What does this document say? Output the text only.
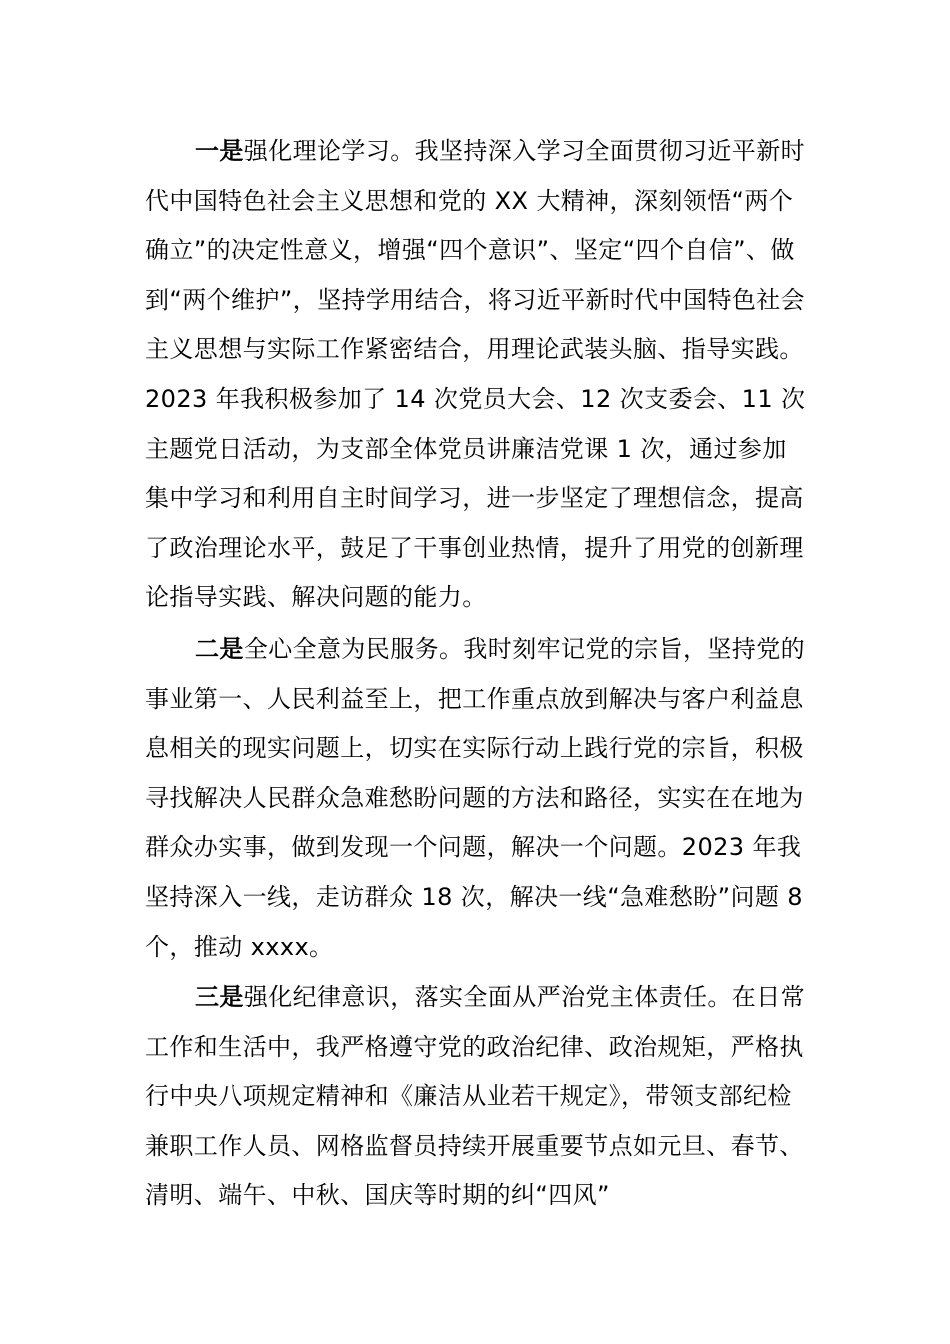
一是强化理论学习。我坚持深入学习全面贯彻习近平新时代中国特色社会主义思想和党的 XX 大精神，深刻领悟“两个确立”的决定性意义，增强“四个意识”、坚定“四个自信”、做到“两个维护”，坚持学用结合，将习近平新时代中国特色社会主义思想与实际工作紧密结合，用理论武装头脑、指导实践。2023 年我积极参加了 14 次党员大会、12 次支委会、11 次主题党日活动，为支部全体党员讲廉洁党课 1 次，通过参加集中学习和利用自主时间学习，进一步坚定了理想信念，提高了政治理论水平，鼓足了干事创业热情，提升了用党的创新理论指导实践、解决问题的能力。

二是全心全意为民服务。我时刻牢记党的宗旨，坚持党的事业第一、人民利益至上，把工作重点放到解决与客户利益息息相关的现实问题上，切实在实际行动上践行党的宗旨，积极寻找解决人民群众急难愁盼问题的方法和路径，实实在在地为群众办实事，做到发现一个问题，解决一个问题。2023 年我坚持深入一线，走访群众 18 次，解决一线“急难愁盼”问题 8 个，推动 xxxx。

三是强化纪律意识，落实全面从严治党主体责任。在日常工作和生活中，我严格遵守党的政治纪律、政治规矩，严格执行中央八项规定精神和《廉洁从业若干规定》，带领支部纪检兼职工作人员、网格监督员持续开展重要节点如元旦、春节、清明、端午、中秋、国庆等时期的纠“四风”
